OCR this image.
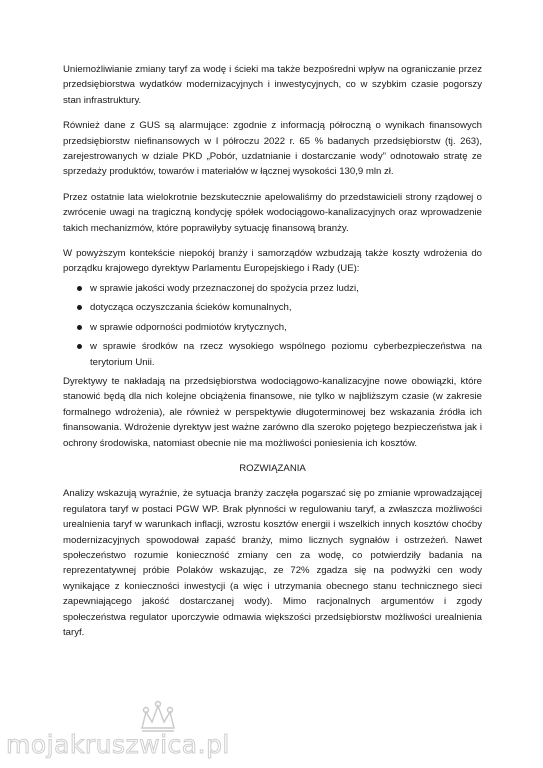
Uniemożliwianie zmiany taryf za wodę i ścieki ma także bezpośredni wpływ na ograniczanie przez przedsiębiorstwa wydatków modernizacyjnych i inwestycyjnych, co w szybkim czasie pogorszy stan infrastruktury.

Również dane z GUS są alarmujące: zgodnie z informacją półroczną o wynikach finansowych przedsiębiorstw niefinansowych w I półroczu 2022 r. 65 % badanych przedsiębiorstw (tj. 263), zarejestrowanych w dziale PKD „Pobór, uzdatnianie i dostarczanie wody” odnotowało stratę ze sprzedaży produktów, towarów i materiałów w łącznej wysokości 130,9 mln zł.

Przez ostatnie lata wielokrotnie bezskutecznie apelowaliśmy do przedstawicieli strony rządowej o zwrócenie uwagi na tragiczną kondycję spółek wodociągowo-kanalizacyjnych oraz wprowadzenie takich mechanizmów, które poprawiłyby sytuację finansową branży.

W powyższym kontekście niepokój branży i samorządów wzbudzają także koszty wdrożenia do porządku krajowego dyrektyw Parlamentu Europejskiego i Rady (UE):

w sprawie jakości wody przeznaczonej do spożycia przez ludzi,
dotycząca oczyszczania ścieków komunalnych,
w sprawie odporności podmiotów krytycznych,
w sprawie środków na rzecz wysokiego wspólnego poziomu cyberbezpieczeństwa na terytorium Unii.

Dyrektywy te nakładają na przedsiębiorstwa wodociągowo-kanalizacyjne nowe obowiązki, które stanowić będą dla nich kolejne obciążenia finansowe, nie tylko w najbliższym czasie (w zakresie formalnego wdrożenia), ale również w perspektywie długoterminowej bez wskazania źródła ich finansowania. Wdrożenie dyrektyw jest ważne zarówno dla szeroko pojętego bezpieczeństwa jak i ochrony środowiska, natomiast obecnie nie ma możliwości poniesienia ich kosztów.

ROZWIĄZANIA

Analizy wskazują wyraźnie, że sytuacja branży zaczęła pogarszać się po zmianie wprowadzającej regulatora taryf w postaci PGW WP. Brak płynności w regulowaniu taryf, a zwłaszcza możliwości urealnienia taryf w warunkach inflacji, wzrostu kosztów energii i wszelkich innych kosztów choćby modernizacyjnych spowodował zapaść branży, mimo licznych sygnałów i ostrzeżeń. Nawet społeczeństwo rozumie konieczność zmiany cen za wodę, co potwierdziły badania na reprezentatywnej próbie Polaków wskazując, ze 72% zgadza się na podwyżki cen wody wynikające z konieczności inwestycji (a więc i utrzymania obecnego stanu technicznego sieci zapewniającego jakość dostarczanej wody). Mimo racjonalnych argumentów i zgody społeczeństwa regulator uporczywie odmawia większości przedsiębiorstw możliwości urealnienia taryf.

mojakruszwica.pl
